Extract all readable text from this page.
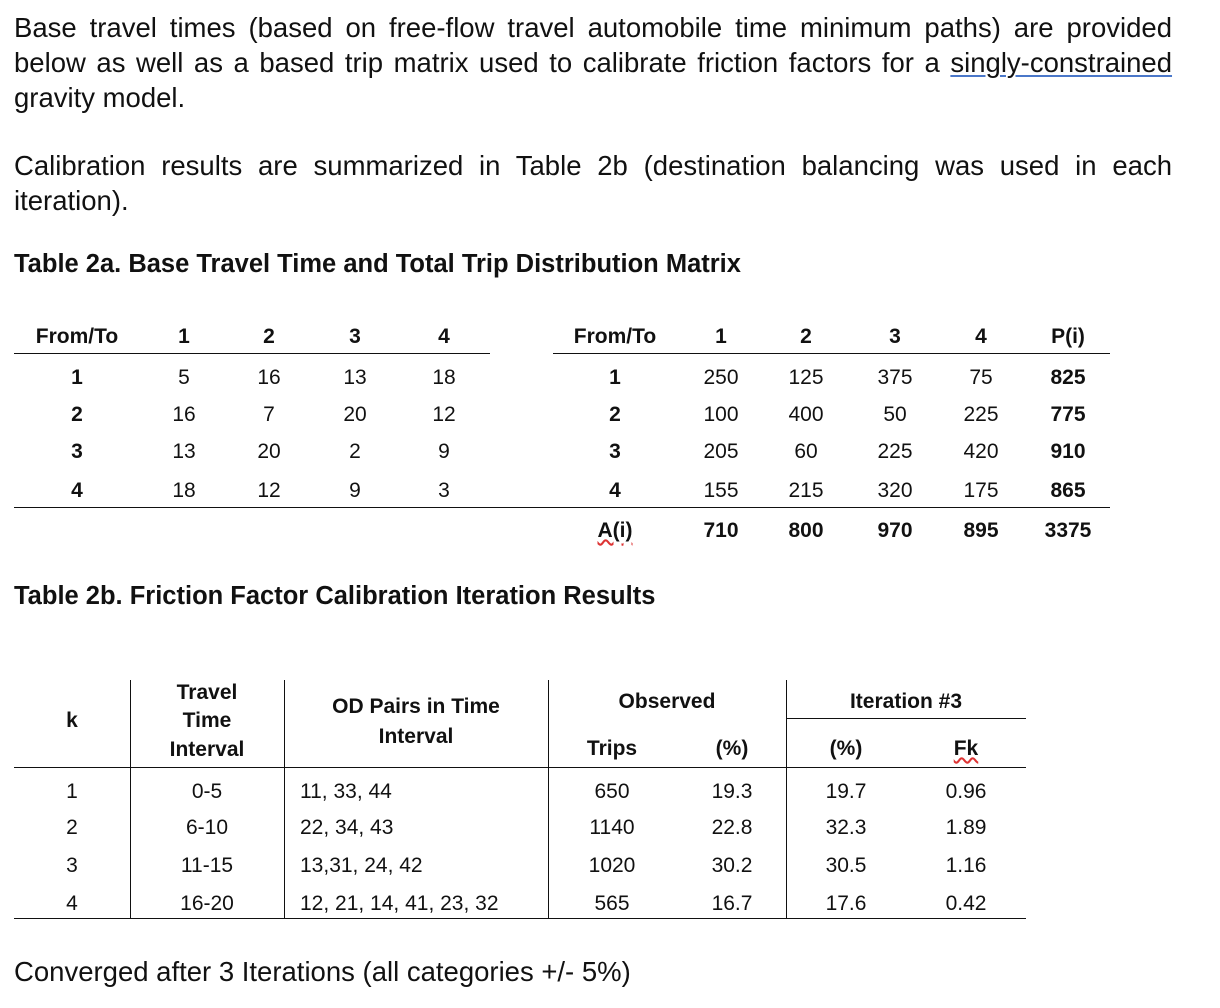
Base travel times (based on free-flow travel automobile time minimum paths) are provided below as well as a based trip matrix used to calibrate friction factors for a singly-constrained gravity model.

Calibration results are summarized in Table 2b (destination balancing was used in each iteration).

Table 2a. Base Travel Time and Total Trip Distribution Matrix
From/To	1	2	3	4
1	5	16	13	18
2	16	7	20	12
3	13	20	2	9
4	18	12	9	3
From/To	1	2	3	4	P(i)
1	250	125	375	75	825
2	100	400	50	225	775
3	205	60	225	420	910
4	155	215	320	175	865
A(i)	710	800	970	895	3375
Table 2b. Friction Factor Calibration Iteration Results
k
Travel
Time
Interval
OD Pairs in Time
Interval
Observed	Iteration #3
Trips	(%)	(%)	Fk
1	0-5	11, 33, 44	650	19.3	19.7	0.96
2	6-10	22, 34, 43	1140	22.8	32.3	1.89
3	11-15	13,31, 24, 42	1020	30.2	30.5	1.16
4	16-20	12, 21, 14, 41, 23, 32	565	16.7	17.6	0.42
Converged after 3 Iterations (all categories +/- 5%)
